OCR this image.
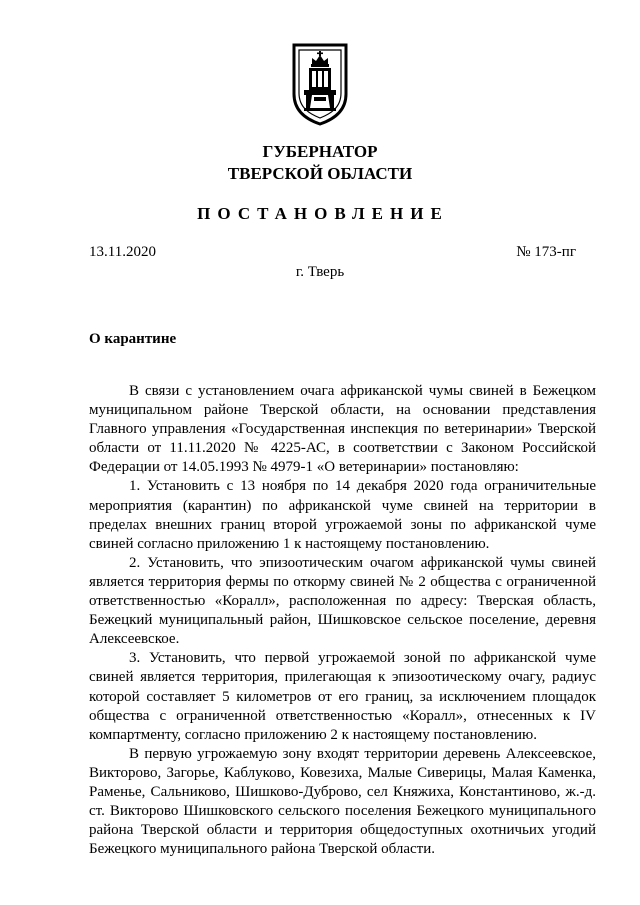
ГУБЕРНАТОР
ТВЕРСКОЙ ОБЛАСТИ
ПОСТАНОВЛЕНИЕ
13.11.2020	№ 173-пг
г. Тверь
О карантине

В связи с установлением очага африканской чумы свиней в Бежецком муниципальном районе Тверской области, на основании представления Главного управления «Государственная инспекция по ветеринарии» Тверской области от 11.11.2020 № 4225-АС, в соответствии с Законом Российской Федерации от 14.05.1993 № 4979-1 «О ветеринарии» постановляю:

1. Установить с 13 ноября по 14 декабря 2020 года ограничительные мероприятия (карантин) по африканской чуме свиней на территории в пределах внешних границ второй угрожаемой зоны по африканской чуме свиней согласно приложению 1 к настоящему постановлению.

2. Установить, что эпизоотическим очагом африканской чумы свиней является территория фермы по откорму свиней № 2 общества с ограниченной ответственностью «Коралл», расположенная по адресу: Тверская область, Бежецкий муниципальный район, Шишковское сельское поселение, деревня Алексеевское.

3. Установить, что первой угрожаемой зоной по африканской чуме свиней является территория, прилегающая к эпизоотическому очагу, радиус которой составляет 5 километров от его границ, за исключением площадок общества с ограниченной ответственностью «Коралл», отнесенных к IV компартменту, согласно приложению 2 к настоящему постановлению.

В первую угрожаемую зону входят территории деревень Алексеевское, Викторово, Загорье, Каблуково, Ковезиха, Малые Сиверицы, Малая Каменка, Раменье, Сальниково, Шишково-Дуброво, сел Княжиха, Константиново, ж.-д. ст. Викторово Шишковского сельского поселения Бежецкого муниципального района Тверской области и территория общедоступных охотничьих угодий Бежецкого муниципального района Тверской области.
